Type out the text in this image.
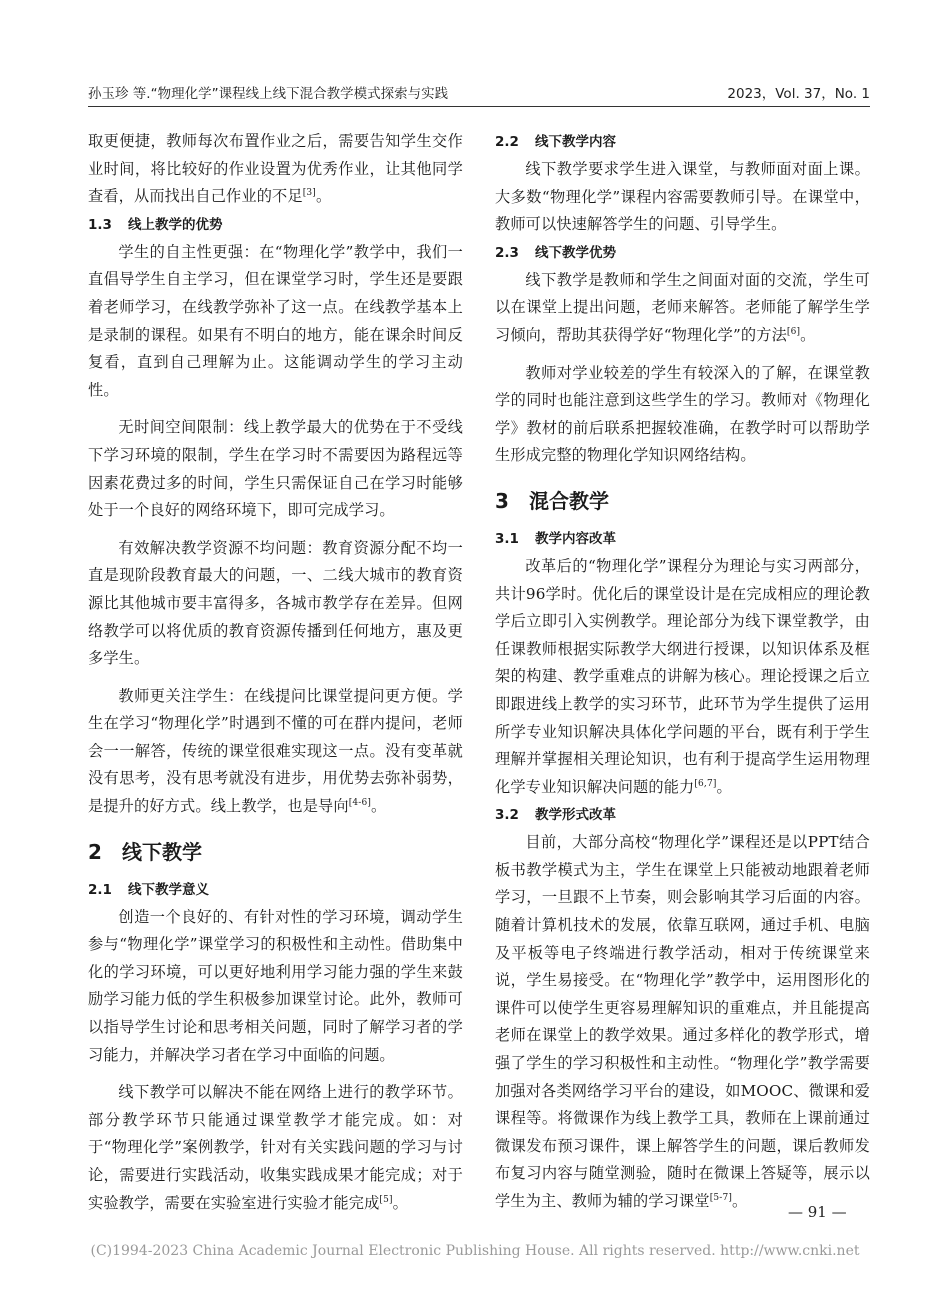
孙玉珍 等.“物理化学”课程线上线下混合教学模式探索与实践	2023，Vol. 37，No. 1

取更便捷，教师每次布置作业之后，需要告知学生交作业时间，将比较好的作业设置为优秀作业，让其他同学查看，从而找出自己作业的不足[3]。

1.3 线上教学的优势

学生的自主性更强：在“物理化学”教学中，我们一直倡导学生自主学习，但在课堂学习时，学生还是要跟着老师学习，在线教学弥补了这一点。在线教学基本上是录制的课程。如果有不明白的地方，能在课余时间反复看，直到自己理解为止。这能调动学生的学习主动性。

无时间空间限制：线上教学最大的优势在于不受线下学习环境的限制，学生在学习时不需要因为路程远等因素花费过多的时间，学生只需保证自己在学习时能够处于一个良好的网络环境下，即可完成学习。

有效解决教学资源不均问题：教育资源分配不均一直是现阶段教育最大的问题，一、二线大城市的教育资源比其他城市要丰富得多，各城市教学存在差异。但网络教学可以将优质的教育资源传播到任何地方，惠及更多学生。

教师更关注学生：在线提问比课堂提问更方便。学生在学习“物理化学”时遇到不懂的可在群内提问，老师会一一解答，传统的课堂很难实现这一点。没有变革就没有思考，没有思考就没有进步，用优势去弥补弱势，是提升的好方式。线上教学，也是导向[4-6]。

2 线下教学
2.1 线下教学意义

创造一个良好的、有针对性的学习环境，调动学生参与“物理化学”课堂学习的积极性和主动性。借助集中化的学习环境，可以更好地利用学习能力强的学生来鼓励学习能力低的学生积极参加课堂讨论。此外，教师可以指导学生讨论和思考相关问题，同时了解学习者的学习能力，并解决学习者在学习中面临的问题。

线下教学可以解决不能在网络上进行的教学环节。部分教学环节只能通过课堂教学才能完成。如：对于“物理化学”案例教学，针对有关实践问题的学习与讨论，需要进行实践活动，收集实践成果才能完成；对于实验教学，需要在实验室进行实验才能完成[5]。

2.2 线下教学内容

线下教学要求学生进入课堂，与教师面对面上课。大多数“物理化学”课程内容需要教师引导。在课堂中，教师可以快速解答学生的问题、引导学生。

2.3 线下教学优势

线下教学是教师和学生之间面对面的交流，学生可以在课堂上提出问题，老师来解答。老师能了解学生学习倾向，帮助其获得学好“物理化学”的方法[6]。

教师对学业较差的学生有较深入的了解，在课堂教学的同时也能注意到这些学生的学习。教师对《物理化学》教材的前后联系把握较准确，在教学时可以帮助学生形成完整的物理化学知识网络结构。

3 混合教学
3.1 教学内容改革

改革后的“物理化学”课程分为理论与实习两部分，共计96学时。优化后的课堂设计是在完成相应的理论教学后立即引入实例教学。理论部分为线下课堂教学，由任课教师根据实际教学大纲进行授课，以知识体系及框架的构建、教学重难点的讲解为核心。理论授课之后立即跟进线上教学的实习环节，此环节为学生提供了运用所学专业知识解决具体化学问题的平台，既有利于学生理解并掌握相关理论知识，也有利于提高学生运用物理化学专业知识解决问题的能力[6,7]。

3.2 教学形式改革

目前，大部分高校“物理化学”课程还是以PPT结合板书教学模式为主，学生在课堂上只能被动地跟着老师学习，一旦跟不上节奏，则会影响其学习后面的内容。随着计算机技术的发展，依靠互联网，通过手机、电脑及平板等电子终端进行教学活动，相对于传统课堂来说，学生易接受。在“物理化学”教学中，运用图形化的课件可以使学生更容易理解知识的重难点，并且能提高老师在课堂上的教学效果。通过多样化的教学形式，增强了学生的学习积极性和主动性。“物理化学”教学需要加强对各类网络学习平台的建设，如MOOC、微课和爱课程等。将微课作为线上教学工具，教师在上课前通过微课发布预习课件，课上解答学生的问题，课后教师发布复习内容与随堂测验，随时在微课上答疑等，展示以学生为主、教师为辅的学习课堂[5-7]。

— 91 —
(C)1994-2023 China Academic Journal Electronic Publishing House. All rights reserved. http://www.cnki.net
